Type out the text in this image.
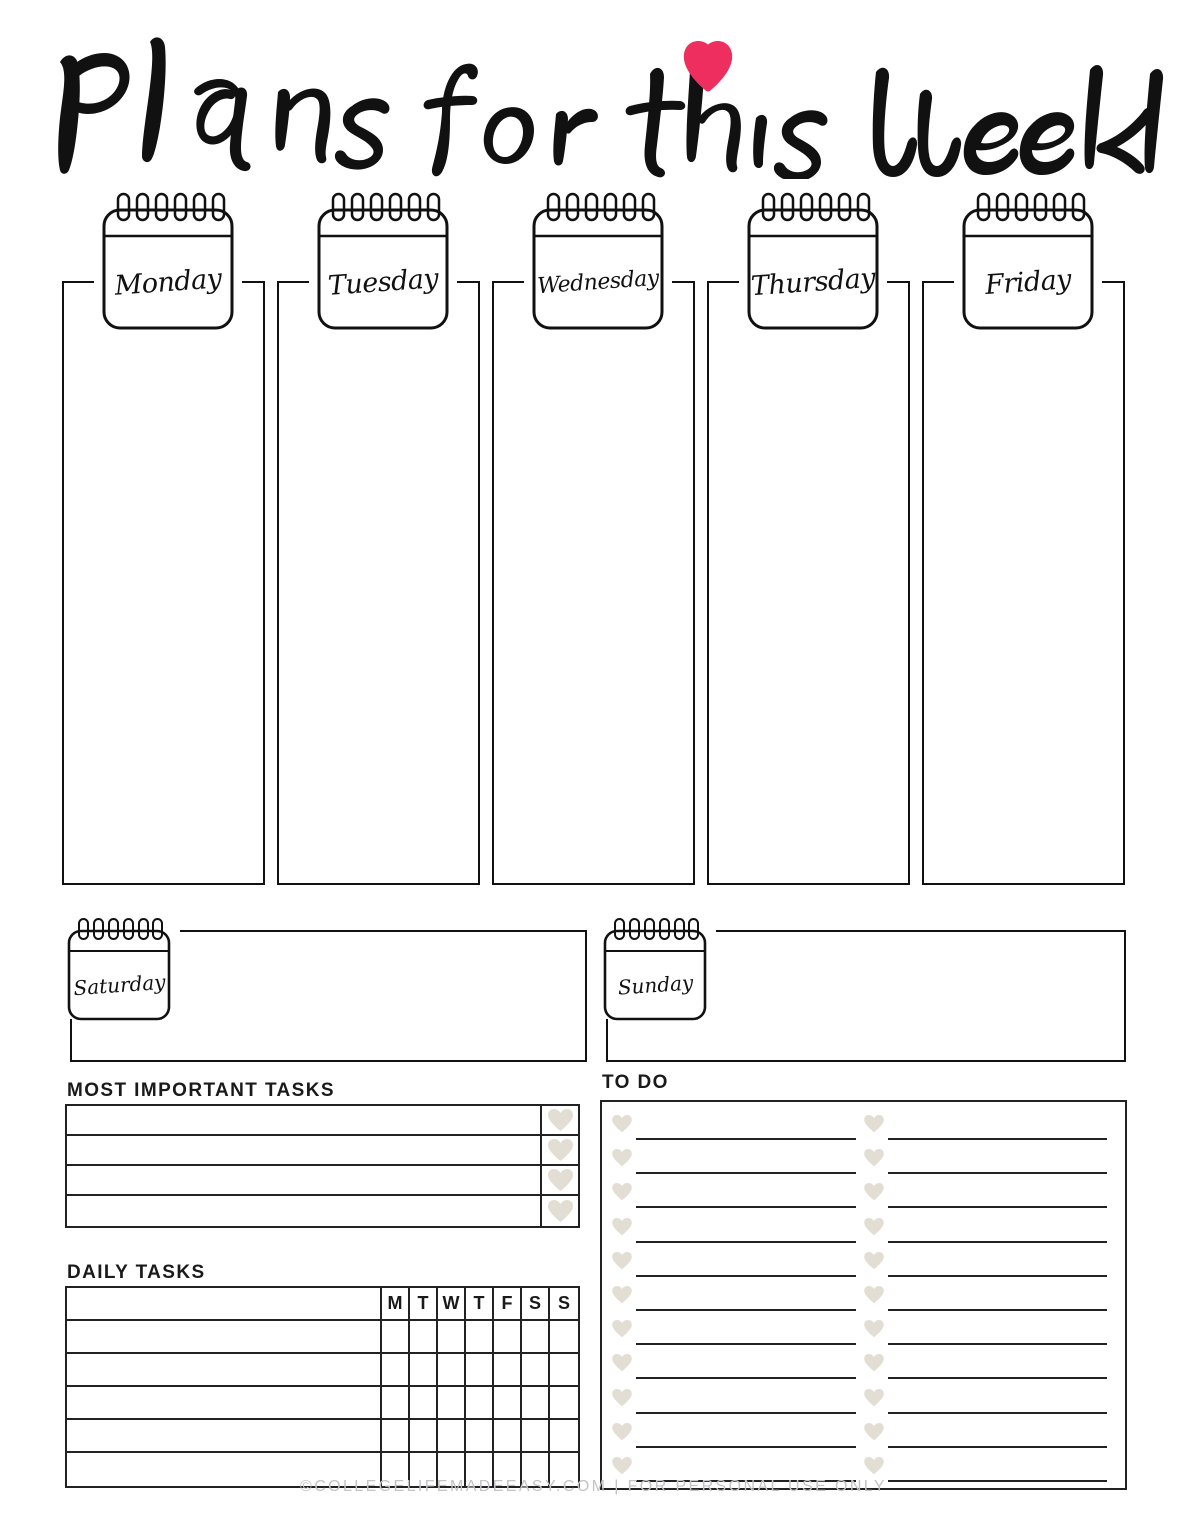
Monday	Tuesday	Wednesday	Thursday	Friday
Saturday	Sunday
MOST IMPORTANT TASKS
DAILY TASKS
M T W T F S S
TO DO
©COLLEGELIFEMADEEASY.COM | FOR PERSONAL USE ONLY
